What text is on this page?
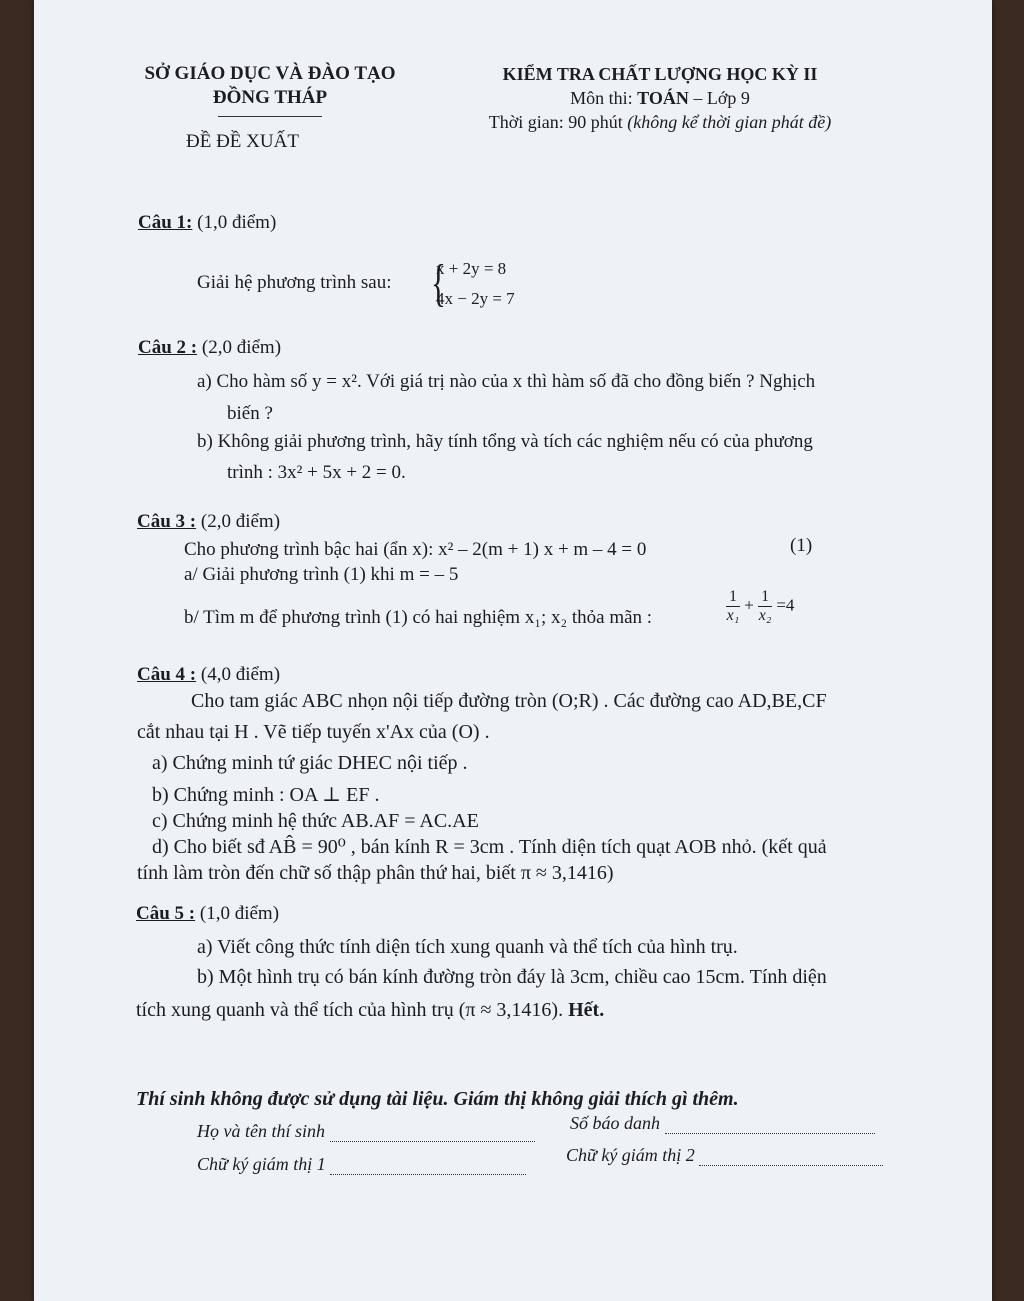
SỞ GIÁO DỤC VÀ ĐÀO TẠO
ĐỒNG THÁP
ĐỀ ĐỀ XUẤT
KIỂM TRA CHẤT LƯỢNG HỌC KỲ II
Môn thi: TOÁN – Lớp 9
Thời gian: 90 phút (không kể thời gian phát đề)
Câu 1: (1,0 điểm)
Giải hệ phương trình sau: {
x + 2y = 8
4x − 2y = 7
Câu 2 : (2,0 điểm)
a) Cho hàm số y = x². Với giá trị nào của x thì hàm số đã cho đồng biến ? Nghịch
biến ?
b) Không giải phương trình, hãy tính tổng và tích các nghiệm nếu có của phương
trình : 3x² + 5x + 2 = 0.
Câu 3 : (2,0 điểm)
Cho phương trình bậc hai (ẩn x): x² – 2(m + 1) x + m – 4 = 0	(1)
a/ Giải phương trình (1) khi m = – 5
b/ Tìm m để phương trình (1) có hai nghiệm x₁; x₂ thỏa mãn :	$\frac{1}{\text{x₁}} + \frac{1}{\text{x₂}} =4$
Câu 4 : (4,0 điểm)
Cho tam giác ABC nhọn nội tiếp đường tròn (O;R) . Các đường cao AD,BE,CF
cắt nhau tại H . Vẽ tiếp tuyến x'Ax của (O) .
a) Chứng minh tứ giác DHEC nội tiếp .
b) Chứng minh : OA ⊥ EF .
c) Chứng minh hệ thức AB.AF = AC.AE
d) Cho biết sđ AB̂ = 90⁰ , bán kính R = 3cm . Tính diện tích quạt AOB nhỏ. (kết quả
tính làm tròn đến chữ số thập phân thứ hai, biết π ≈ 3,1416)
Câu 5 : (1,0 điểm)
a) Viết công thức tính diện tích xung quanh và thể tích của hình trụ.
b) Một hình trụ có bán kính đường tròn đáy là 3cm, chiều cao 15cm. Tính diện
tích xung quanh và thể tích của hình trụ (π ≈ 3,1416). Hết.
Thí sinh không được sử dụng tài liệu. Giám thị không giải thích gì thêm.
Họ và tên thí sinh	Số báo danh
Chữ ký giám thị 1	Chữ ký giám thị 2
